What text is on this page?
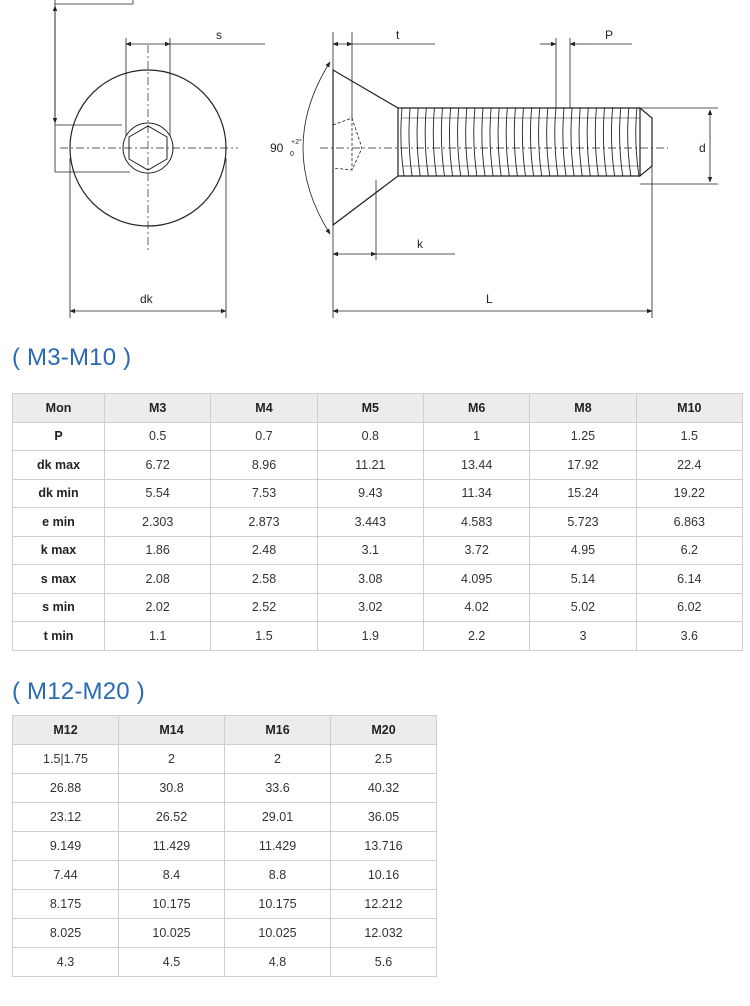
s	t	P
d
dk
k
L
90 +2°
0
( M3-M10 )
Mon	M3	M4	M5	M6	M8	M10
P	0.5	0.7	0.8	1	1.25	1.5
dk max	6.72	8.96	11.21	13.44	17.92	22.4
dk min	5.54	7.53	9.43	11.34	15.24	19.22
e min	2.303	2.873	3.443	4.583	5.723	6.863
k max	1.86	2.48	3.1	3.72	4.95	6.2
s max	2.08	2.58	3.08	4.095	5.14	6.14
s min	2.02	2.52	3.02	4.02	5.02	6.02
t min	1.1	1.5	1.9	2.2	3	3.6
( M12-M20 )
M12	M14	M16	M20
1.5|1.75	2	2	2.5
26.88	30.8	33.6	40.32
23.12	26.52	29.01	36.05
9.149	11.429	11.429	13.716
7.44	8.4	8.8	10.16
8.175	10.175	10.175	12.212
8.025	10.025	10.025	12.032
4.3	4.5	4.8	5.6
